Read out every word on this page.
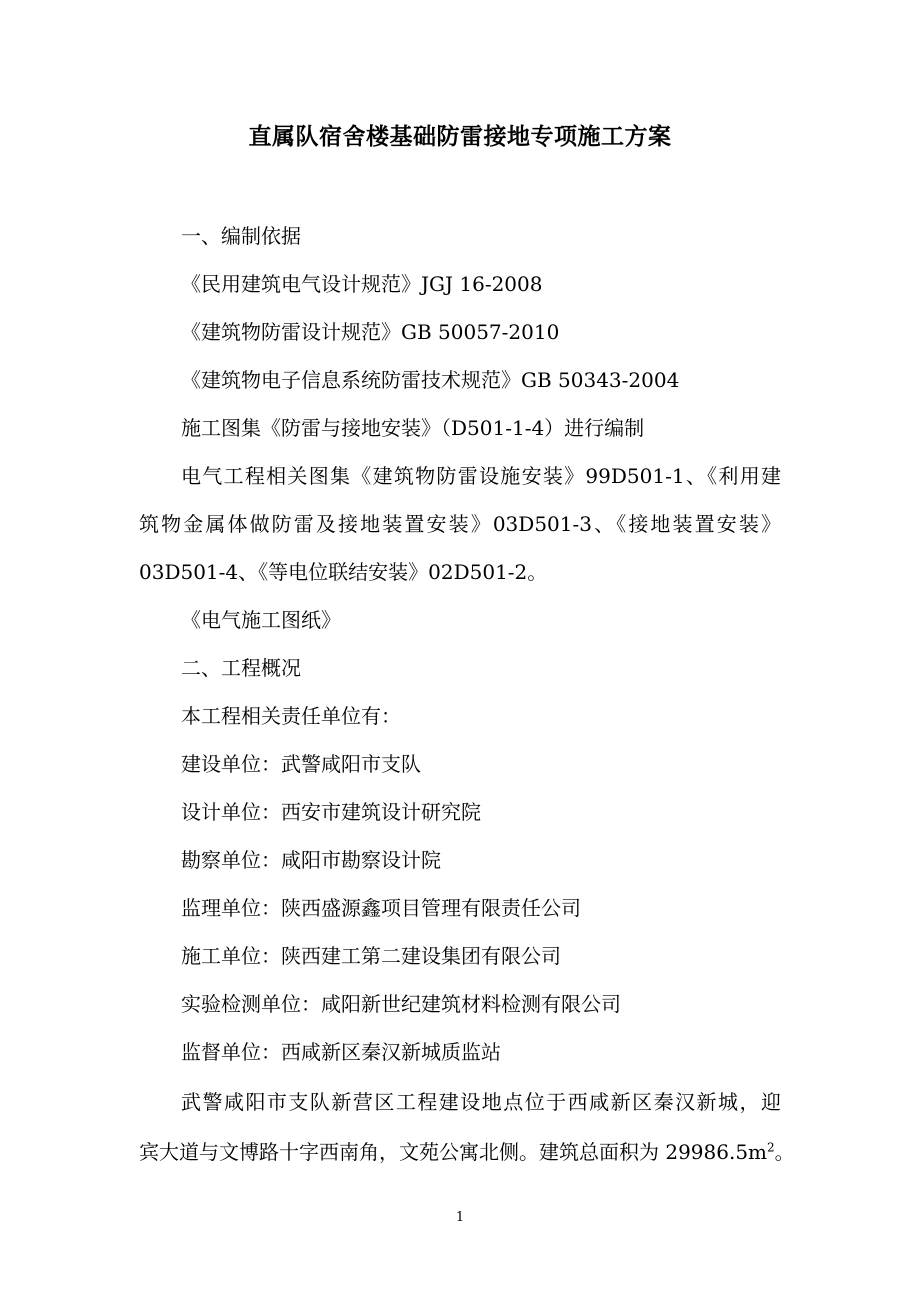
直属队宿舍楼基础防雷接地专项施工方案
一、编制依据
《民用建筑电气设计规范》JGJ 16-2008
《建筑物防雷设计规范》GB 50057-2010
《建筑物电子信息系统防雷技术规范》GB 50343-2004
施工图集《防雷与接地安装》（D501-1-4）进行编制
电气工程相关图集《建筑物防雷设施安装》99D501-1、《利用建
筑物金属体做防雷及接地装置安装》03D501-3、《接地装置安装》
03D501-4、《等电位联结安装》02D501-2。
《电气施工图纸》
二、工程概况
本工程相关责任单位有：
建设单位：武警咸阳市支队
设计单位：西安市建筑设计研究院
勘察单位：咸阳市勘察设计院
监理单位：陕西盛源鑫项目管理有限责任公司
施工单位：陕西建工第二建设集团有限公司
实验检测单位：咸阳新世纪建筑材料检测有限公司
监督单位：西咸新区秦汉新城质监站
武警咸阳市支队新营区工程建设地点位于西咸新区秦汉新城，迎
宾大道与文博路十字西南角，文苑公寓北侧。建筑总面积为 $29986.5m^2$。
1
